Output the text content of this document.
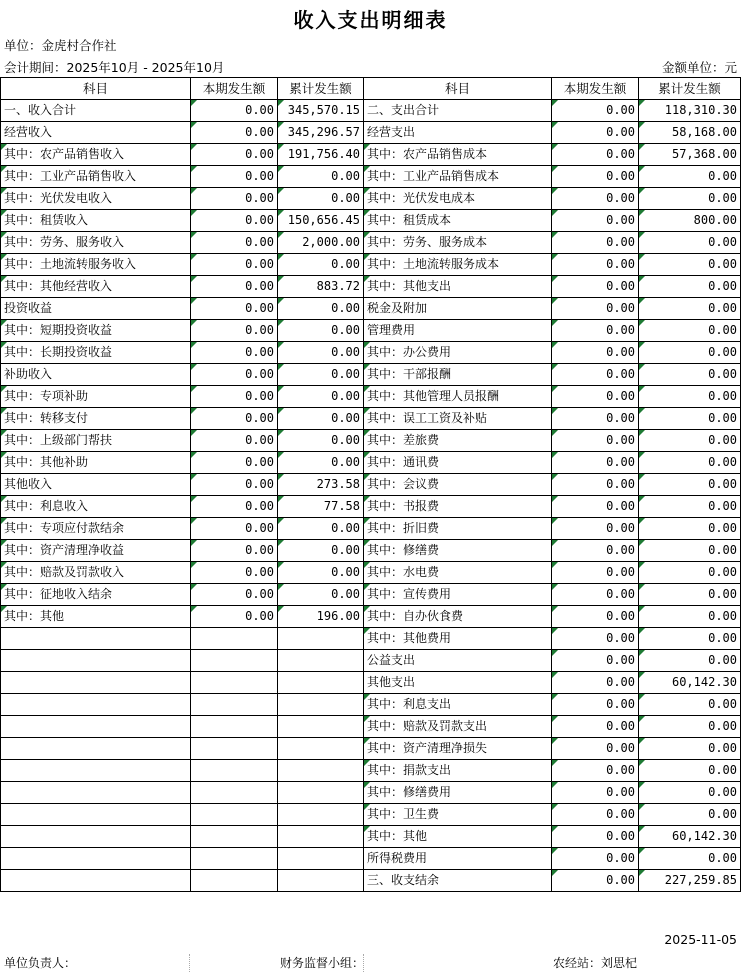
收入支出明细表
单位：金虎村合作社
会计期间：2025年10月 - 2025年10月	金额单位：元
科目	本期发生额	累计发生额	科目	本期发生额	累计发生额
一、收入合计	0.00	345,570.15	二、支出合计	0.00	118,310.30
经营收入	0.00	345,296.57	经营支出	0.00	58,168.00
其中：农产品销售收入	0.00	191,756.40	其中：农产品销售成本	0.00	57,368.00
其中：工业产品销售收入	0.00	0.00	其中：工业产品销售成本	0.00	0.00
其中：光伏发电收入	0.00	0.00	其中：光伏发电成本	0.00	0.00
其中：租赁收入	0.00	150,656.45	其中：租赁成本	0.00	800.00
其中：劳务、服务收入	0.00	2,000.00	其中：劳务、服务成本	0.00	0.00
其中：土地流转服务收入	0.00	0.00	其中：土地流转服务成本	0.00	0.00
其中：其他经营收入	0.00	883.72	其中：其他支出	0.00	0.00
投资收益	0.00	0.00	税金及附加	0.00	0.00
其中：短期投资收益	0.00	0.00	管理费用	0.00	0.00
其中：长期投资收益	0.00	0.00	其中：办公费用	0.00	0.00
补助收入	0.00	0.00	其中：干部报酬	0.00	0.00
其中：专项补助	0.00	0.00	其中：其他管理人员报酬	0.00	0.00
其中：转移支付	0.00	0.00	其中：误工工资及补贴	0.00	0.00
其中：上级部门帮扶	0.00	0.00	其中：差旅费	0.00	0.00
其中：其他补助	0.00	0.00	其中：通讯费	0.00	0.00
其他收入	0.00	273.58	其中：会议费	0.00	0.00
其中：利息收入	0.00	77.58	其中：书报费	0.00	0.00
其中：专项应付款结余	0.00	0.00	其中：折旧费	0.00	0.00
其中：资产清理净收益	0.00	0.00	其中：修缮费	0.00	0.00
其中：赔款及罚款收入	0.00	0.00	其中：水电费	0.00	0.00
其中：征地收入结余	0.00	0.00	其中：宣传费用	0.00	0.00
其中：其他	0.00	196.00	其中：自办伙食费	0.00	0.00
			其中：其他费用	0.00	0.00
			公益支出	0.00	0.00
			其他支出	0.00	60,142.30
			其中：利息支出	0.00	0.00
			其中：赔款及罚款支出	0.00	0.00
			其中：资产清理净损失	0.00	0.00
			其中：捐款支出	0.00	0.00
			其中：修缮费用	0.00	0.00
			其中：卫生费	0.00	0.00
			其中：其他	0.00	60,142.30
			所得税费用	0.00	0.00
			三、收支结余	0.00	227,259.85
2025-11-05
单位负责人：	财务监督小组：	农经站：刘思杞
